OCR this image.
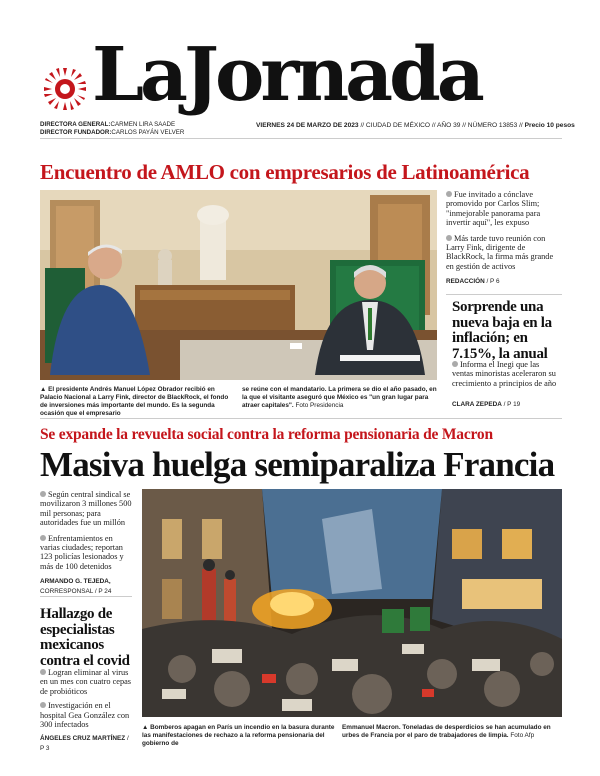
LaJornada
DIRECTORA GENERAL:CARMEN LIRA SAADE
DIRECTOR FUNDADOR:CARLOS PAYÁN VELVER
VIERNES 24 DE MARZO DE 2023 // CIUDAD DE MÉXICO // AÑO 39 // NÚMERO 13853 // Precio 10 pesos
Encuentro de AMLO con empresarios de Latinoamérica
▲ El presidente Andrés Manuel López Obrador recibió en Palacio Nacional a Larry Fink, director de BlackRock, el fondo de inversiones más importante del mundo. Es la segunda ocasión que el empresario
se reúne con el mandatario. La primera se dio el año pasado, en la que el visitante aseguró que México es "un gran lugar para atraer capitales". Foto Presidencia

Fue invitado a cónclave promovido por Carlos Slim; "inmejorable panorama para invertir aquí", les expuso

Más tarde tuvo reunión con Larry Fink, dirigente de BlackRock, la firma más grande en gestión de activos

REDACCIÓN / P 6
Sorprende una nueva baja en la inflación; en 7.15%, la anual
Informa el Inegi que las ventas minoristas aceleraron su crecimiento a principios de año
CLARA ZEPEDA / P 19
Se expande la revuelta social contra la reforma pensionaria de Macron
Masiva huelga semiparaliza Francia

Según central sindical se movilizaron 3 millones 500 mil personas; para autoridades fue un millón

Enfrentamientos en varias ciudades; reportan 123 policías lesionados y más de 100 detenidos

ARMANDO G. TEJEDA,
CORRESPONSAL / P 24
Hallazgo de especialistas mexicanos contra el covid

Logran eliminar al virus en un mes con cuatro cepas de probióticos

Investigación en el hospital Gea González con 300 infectados

ÁNGELES CRUZ MARTÍNEZ / P 3
▲ Bomberos apagan en París un incendio en la basura durante las manifestaciones de rechazo a la reforma pensionaria del gobierno de
Emmanuel Macron. Toneladas de desperdicios se han acumulado en urbes de Francia por el paro de trabajadores de limpia. Foto Afp
